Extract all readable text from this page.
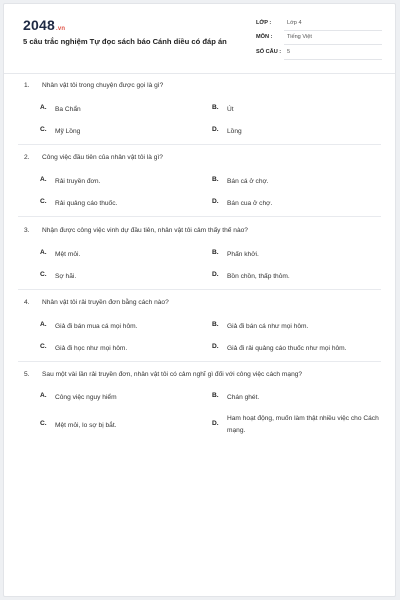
2048.vn
5 câu trắc nghiệm Tự đọc sách báo Cánh diều có đáp án
LỚP :	Lớp 4
MÔN :	Tiếng Việt
SỐ CÂU : 5
1. Nhân vật tôi trong chuyện được gọi là gì?
A. Ba Chẩn	B. Út
C. Mỹ Lồng	D. Lồng
2. Công việc đầu tiên của nhân vật tôi là gì?
A. Rải truyền đơn.	B. Bán cá ở chợ.
C. Rải quảng cáo thuốc.	D. Bán cua ở chợ.
3. Nhận được công việc vinh dự đầu tiên, nhân vật tôi cảm thấy thế nào?
A. Mệt mỏi.	B. Phấn khởi.
C. Sợ hãi.	D. Bồn chồn, thấp thỏm.
4. Nhân vật tôi rải truyền đơn bằng cách nào?
A. Giả đi bán mua cá mọi hôm.	B. Giả đi bán cá như mọi hôm.
C. Giả đi học như mọi hôm.	D. Giả đi rải quảng cáo thuốc như mọi hôm.
5. Sau một vài lần rải truyền đơn, nhân vật tôi có cảm nghĩ gì đối với công việc cách mạng?
A. Công việc nguy hiểm	B. Chán ghét.
C. Mệt mỏi, lo sợ bị bắt.	D.
Ham hoạt động, muốn làm thật nhiều việc cho Cách mạng.
